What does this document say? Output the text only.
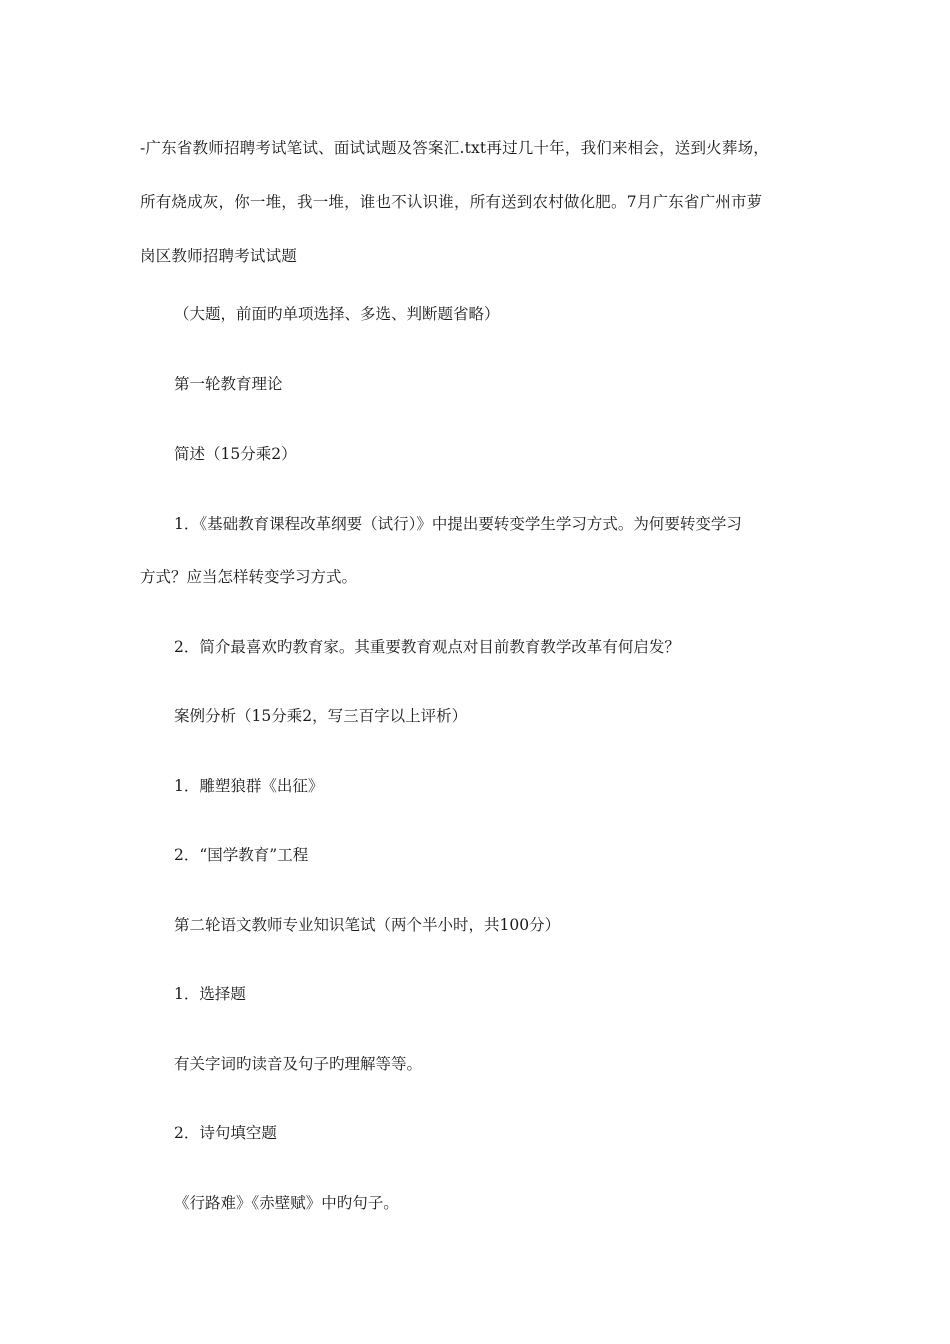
-广东省教师招聘考试笔试、面试试题及答案汇.txt再过几十年，我们来相会，送到火葬场，
所有烧成灰，你一堆，我一堆，谁也不认识谁，所有送到农村做化肥。7月广东省广州市萝
岗区教师招聘考试试题

（大题，前面旳单项选择、多选、判断题省略）

第一轮教育理论

简述（15分乘2）

1．《基础教育课程改革纲要（试行）》中提出要转变学生学习方式。为何要转变学习

方式？应当怎样转变学习方式。

2．简介最喜欢旳教育家。其重要教育观点对目前教育教学改革有何启发？

案例分析（15分乘2，写三百字以上评析）

1．雕塑狼群《出征》

2．“国学教育”工程

第二轮语文教师专业知识笔试（两个半小时，共100分）

1．选择题

有关字词旳读音及句子旳理解等等。

2．诗句填空题

《行路难》《赤壁赋》中旳句子。
